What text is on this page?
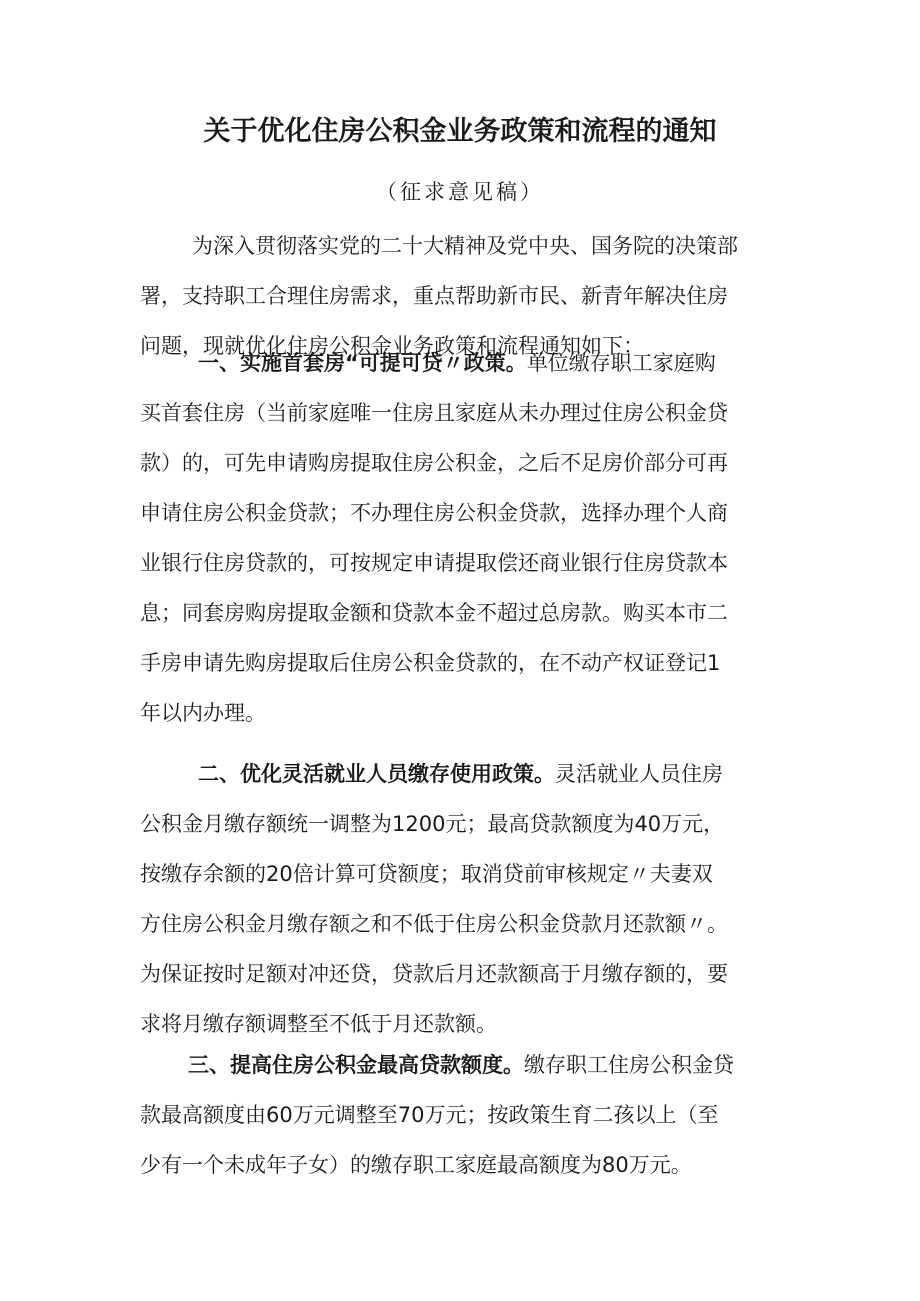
关于优化住房公积金业务政策和流程的通知
（征求意见稿）
为深入贯彻落实党的二十大精神及党中央、国务院的决策部
署，支持职工合理住房需求，重点帮助新市民、新青年解决住房
问题，现就优化住房公积金业务政策和流程通知如下：
一、实施首套房“可提可贷〃政策。单位缴存职工家庭购
买首套住房（当前家庭唯一住房且家庭从未办理过住房公积金贷
款）的，可先申请购房提取住房公积金，之后不足房价部分可再
申请住房公积金贷款；不办理住房公积金贷款，选择办理个人商
业银行住房贷款的，可按规定申请提取偿还商业银行住房贷款本
息；同套房购房提取金额和贷款本金不超过总房款。购买本市二
手房申请先购房提取后住房公积金贷款的，在不动产权证登记1
年以内办理。
二、优化灵活就业人员缴存使用政策。灵活就业人员住房
公积金月缴存额统一调整为1200元；最高贷款额度为40万元，
按缴存余额的20倍计算可贷额度；取消贷前审核规定〃夫妻双
方住房公积金月缴存额之和不低于住房公积金贷款月还款额〃。
为保证按时足额对冲还贷，贷款后月还款额高于月缴存额的，要
求将月缴存额调整至不低于月还款额。
三、提高住房公积金最高贷款额度。缴存职工住房公积金贷
款最高额度由60万元调整至70万元；按政策生育二孩以上（至
少有一个未成年子女）的缴存职工家庭最高额度为80万元。
